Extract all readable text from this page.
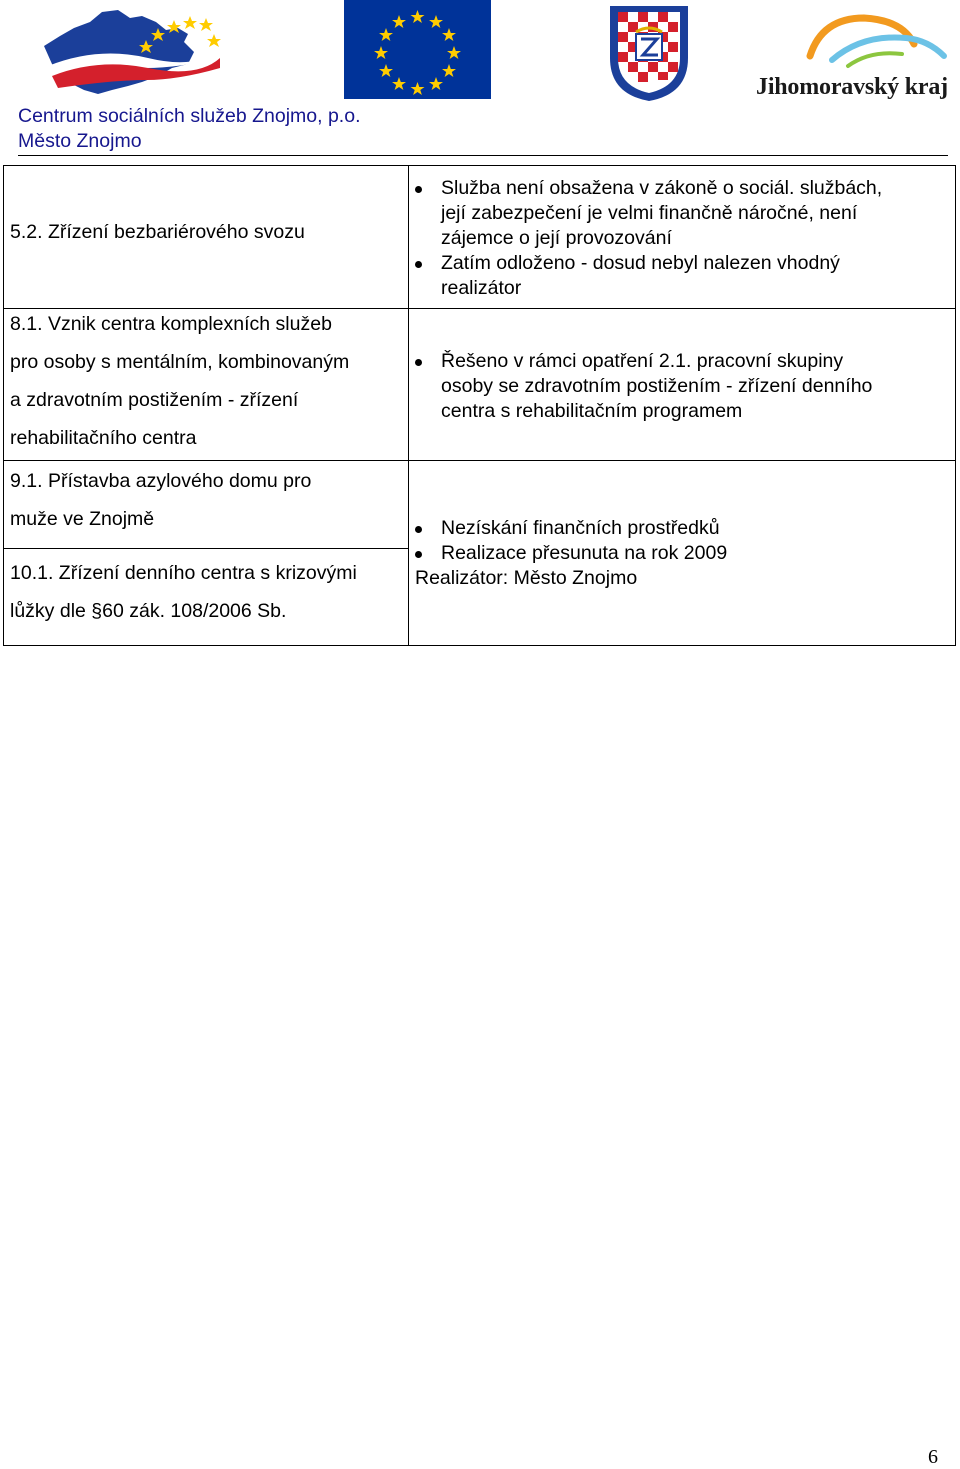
Jihomoravský kraj
Centrum sociálních služeb Znojmo, p.o.
Město Znojmo
5.2. Zřízení bezbariérového svozu
Služba není obsažena v zákoně o sociál. službách,
její zabezpečení je velmi finančně náročné, není
zájemce o její provozování
Zatím odloženo - dosud nebyl nalezen vhodný
realizátor
8.1. Vznik centra komplexních služeb
pro osoby s mentálním, kombinovaným
a zdravotním postižením - zřízení
rehabilitačního centra
Řešeno v rámci opatření 2.1. pracovní skupiny
osoby se zdravotním postižením - zřízení denního
centra s rehabilitačním programem
9.1. Přístavba azylového domu pro
muže ve Znojmě
10.1. Zřízení denního centra s krizovými
lůžky dle §60 zák. 108/2006 Sb.
Nezískání finančních prostředků
Realizace přesunuta na rok 2009
Realizátor: Město Znojmo
6
